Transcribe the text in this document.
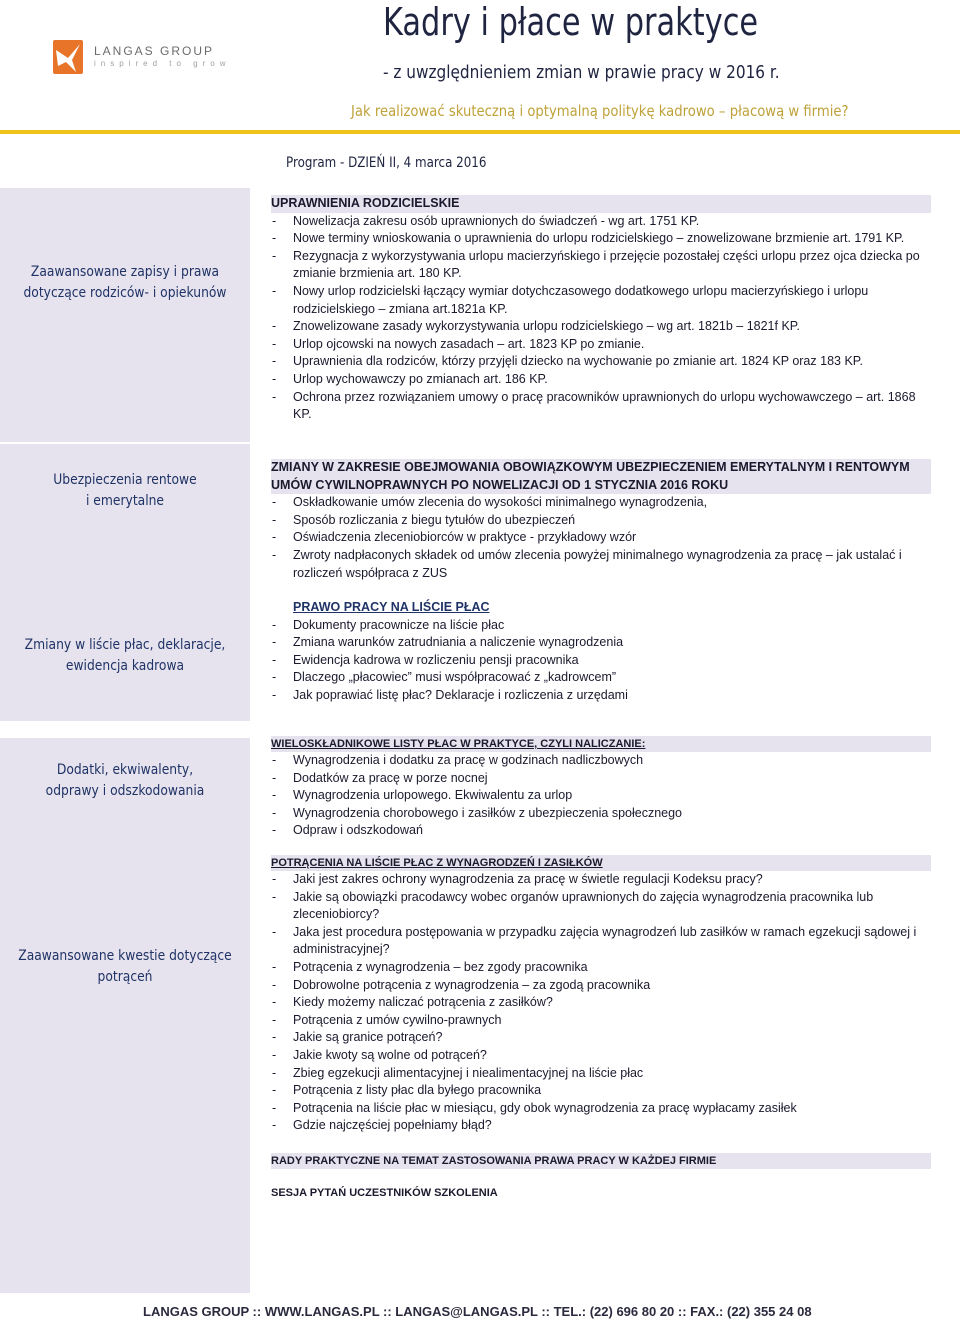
LANGAS GROUP
inspired to grow
Kadry i płace w praktyce
- z uwzględnieniem zmian w prawie pracy w 2016 r.
Jak realizować skuteczną i optymalną politykę kadrowo – płacową w firmie?
Program - DZIEŃ II, 4 marca 2016
Zaawansowane zapisy i prawa
dotyczące rodziców- i opiekunów
Ubezpieczenia rentowe
i emerytalne
Zmiany w liście płac, deklaracje,
ewidencja kadrowa
Dodatki, ekwiwalenty,
odprawy i odszkodowania
Zaawansowane kwestie dotyczące
potrąceń
UPRAWNIENIA RODZICIELSKIE
- Nowelizacja zakresu osób uprawnionych do świadczeń - wg art. 1751 KP.
- Nowe terminy wnioskowania o uprawnienia do urlopu rodzicielskiego – znowelizowane brzmienie art. 1791 KP.
- Rezygnacja z wykorzystywania urlopu macierzyńskiego i przejęcie pozostałej części urlopu przez ojca dziecka po zmianie brzmienia art. 180 KP.
- Nowy urlop rodzicielski łączący wymiar dotychczasowego dodatkowego urlopu macierzyńskiego i urlopu rodzicielskiego – zmiana art.1821a KP.
- Znowelizowane zasady wykorzystywania urlopu rodzicielskiego – wg art. 1821b – 1821f KP.
- Urlop ojcowski na nowych zasadach – art. 1823 KP po zmianie.
- Uprawnienia dla rodziców, którzy przyjęli dziecko na wychowanie po zmianie art. 1824 KP oraz 183 KP.
- Urlop wychowawczy po zmianach art. 186 KP.
- Ochrona przez rozwiązaniem umowy o pracę pracowników uprawnionych do urlopu wychowawczego – art. 1868 KP.
ZMIANY W ZAKRESIE OBEJMOWANIA OBOWIĄZKOWYM UBEZPIECZENIEM EMERYTALNYM I RENTOWYM
UMÓW CYWILNOPRAWNYCH PO NOWELIZACJI OD 1 STYCZNIA 2016 ROKU
- Oskładkowanie umów zlecenia do wysokości minimalnego wynagrodzenia,
- Sposób rozliczania z biegu tytułów do ubezpieczeń
- Oświadczenia zleceniobiorców w praktyce - przykładowy wzór
- Zwroty nadpłaconych składek od umów zlecenia powyżej minimalnego wynagrodzenia za pracę – jak ustalać i rozliczeń współpraca z ZUS
PRAWO PRACY NA LIŚCIE PŁAC
- Dokumenty pracownicze na liście płac
- Zmiana warunków zatrudniania a naliczenie wynagrodzenia
- Ewidencja kadrowa w rozliczeniu pensji pracownika
- Dlaczego „płacowiec” musi współpracować z „kadrowcem”
- Jak poprawiać listę płac? Deklaracje i rozliczenia z urzędami
WIELOSKŁADNIKOWE LISTY PŁAC W PRAKTYCE, CZYLI NALICZANIE:
- Wynagrodzenia i dodatku za pracę w godzinach nadliczbowych
- Dodatków za pracę w porze nocnej
- Wynagrodzenia urlopowego. Ekwiwalentu za urlop
- Wynagrodzenia chorobowego i zasiłków z ubezpieczenia społecznego
- Odpraw i odszkodowań
POTRĄCENIA NA LIŚCIE PŁAC Z WYNAGRODZEŃ I ZASIŁKÓW
- Jaki jest zakres ochrony wynagrodzenia za pracę w świetle regulacji Kodeksu pracy?
- Jakie są obowiązki pracodawcy wobec organów uprawnionych do zajęcia wynagrodzenia pracownika lub zleceniobiorcy?
- Jaka jest procedura postępowania w przypadku zajęcia wynagrodzeń lub zasiłków w ramach egzekucji sądowej i administracyjnej?
- Potrącenia z wynagrodzenia – bez zgody pracownika
- Dobrowolne potrącenia z wynagrodzenia – za zgodą pracownika
- Kiedy możemy naliczać potrącenia z zasiłków?
- Potrącenia z umów cywilno-prawnych
- Jakie są granice potrąceń?
- Jakie kwoty są wolne od potrąceń?
- Zbieg egzekucji alimentacyjnej i niealimentacyjnej na liście płac
- Potrącenia z listy płac dla byłego pracownika
- Potrącenia na liście płac w miesiącu, gdy obok wynagrodzenia za pracę wypłacamy zasiłek
- Gdzie najczęściej popełniamy błąd?
RADY PRAKTYCZNE NA TEMAT ZASTOSOWANIA PRAWA PRACY W KAŻDEJ FIRMIE
SESJA PYTAŃ UCZESTNIKÓW SZKOLENIA
LANGAS GROUP :: WWW.LANGAS.PL :: LANGAS@LANGAS.PL :: TEL.: (22) 696 80 20 :: FAX.: (22) 355 24 08
